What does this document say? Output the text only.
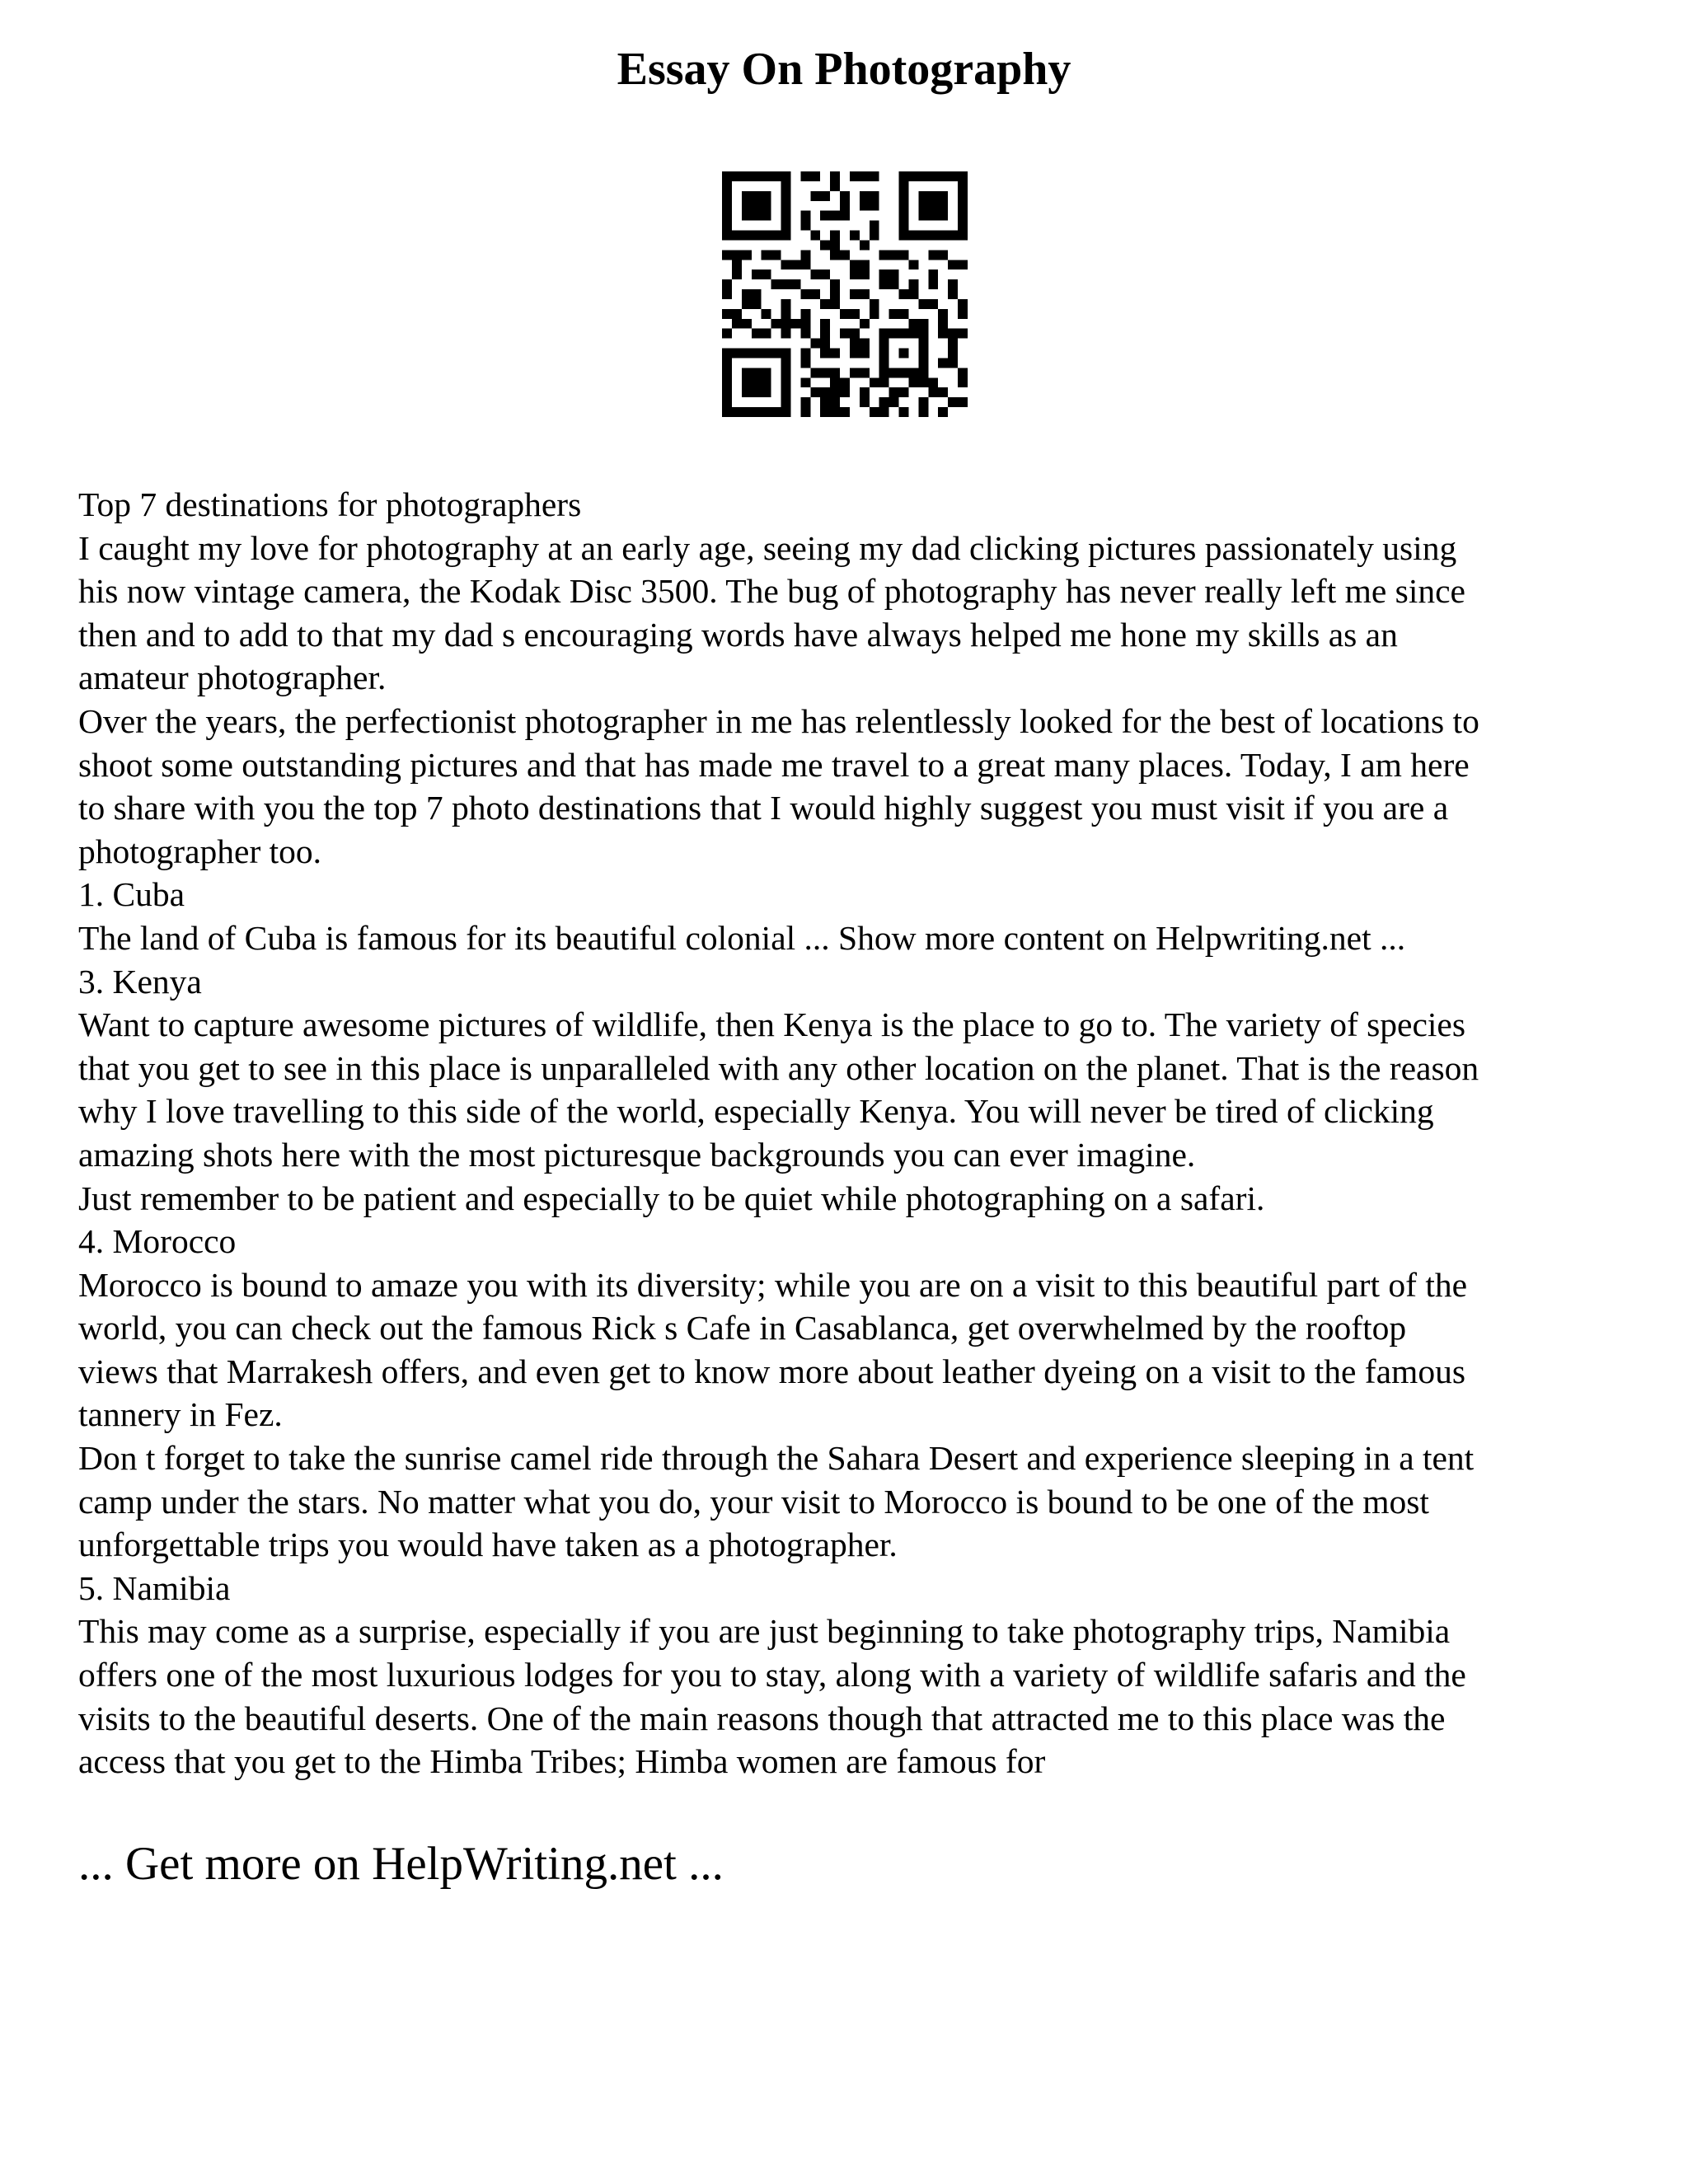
Essay On Photography

Top 7 destinations for photographers

I caught my love for photography at an early age, seeing my dad clicking pictures passionately using

his now vintage camera, the Kodak Disc 3500. The bug of photography has never really left me since

then and to add to that my dad s encouraging words have always helped me hone my skills as an

amateur photographer.

Over the years, the perfectionist photographer in me has relentlessly looked for the best of locations to

shoot some outstanding pictures and that has made me travel to a great many places. Today, I am here

to share with you the top 7 photo destinations that I would highly suggest you must visit if you are a

photographer too.

1. Cuba

The land of Cuba is famous for its beautiful colonial ... Show more content on Helpwriting.net ...

3. Kenya

Want to capture awesome pictures of wildlife, then Kenya is the place to go to. The variety of species

that you get to see in this place is unparalleled with any other location on the planet. That is the reason

why I love travelling to this side of the world, especially Kenya. You will never be tired of clicking

amazing shots here with the most picturesque backgrounds you can ever imagine.

Just remember to be patient and especially to be quiet while photographing on a safari.

4. Morocco

Morocco is bound to amaze you with its diversity; while you are on a visit to this beautiful part of the

world, you can check out the famous Rick s Cafe in Casablanca, get overwhelmed by the rooftop

views that Marrakesh offers, and even get to know more about leather dyeing on a visit to the famous

tannery in Fez.

Don t forget to take the sunrise camel ride through the Sahara Desert and experience sleeping in a tent

camp under the stars. No matter what you do, your visit to Morocco is bound to be one of the most

unforgettable trips you would have taken as a photographer.

5. Namibia

This may come as a surprise, especially if you are just beginning to take photography trips, Namibia

offers one of the most luxurious lodges for you to stay, along with a variety of wildlife safaris and the

visits to the beautiful deserts. One of the main reasons though that attracted me to this place was the

access that you get to the Himba Tribes; Himba women are famous for

... Get more on HelpWriting.net ...
